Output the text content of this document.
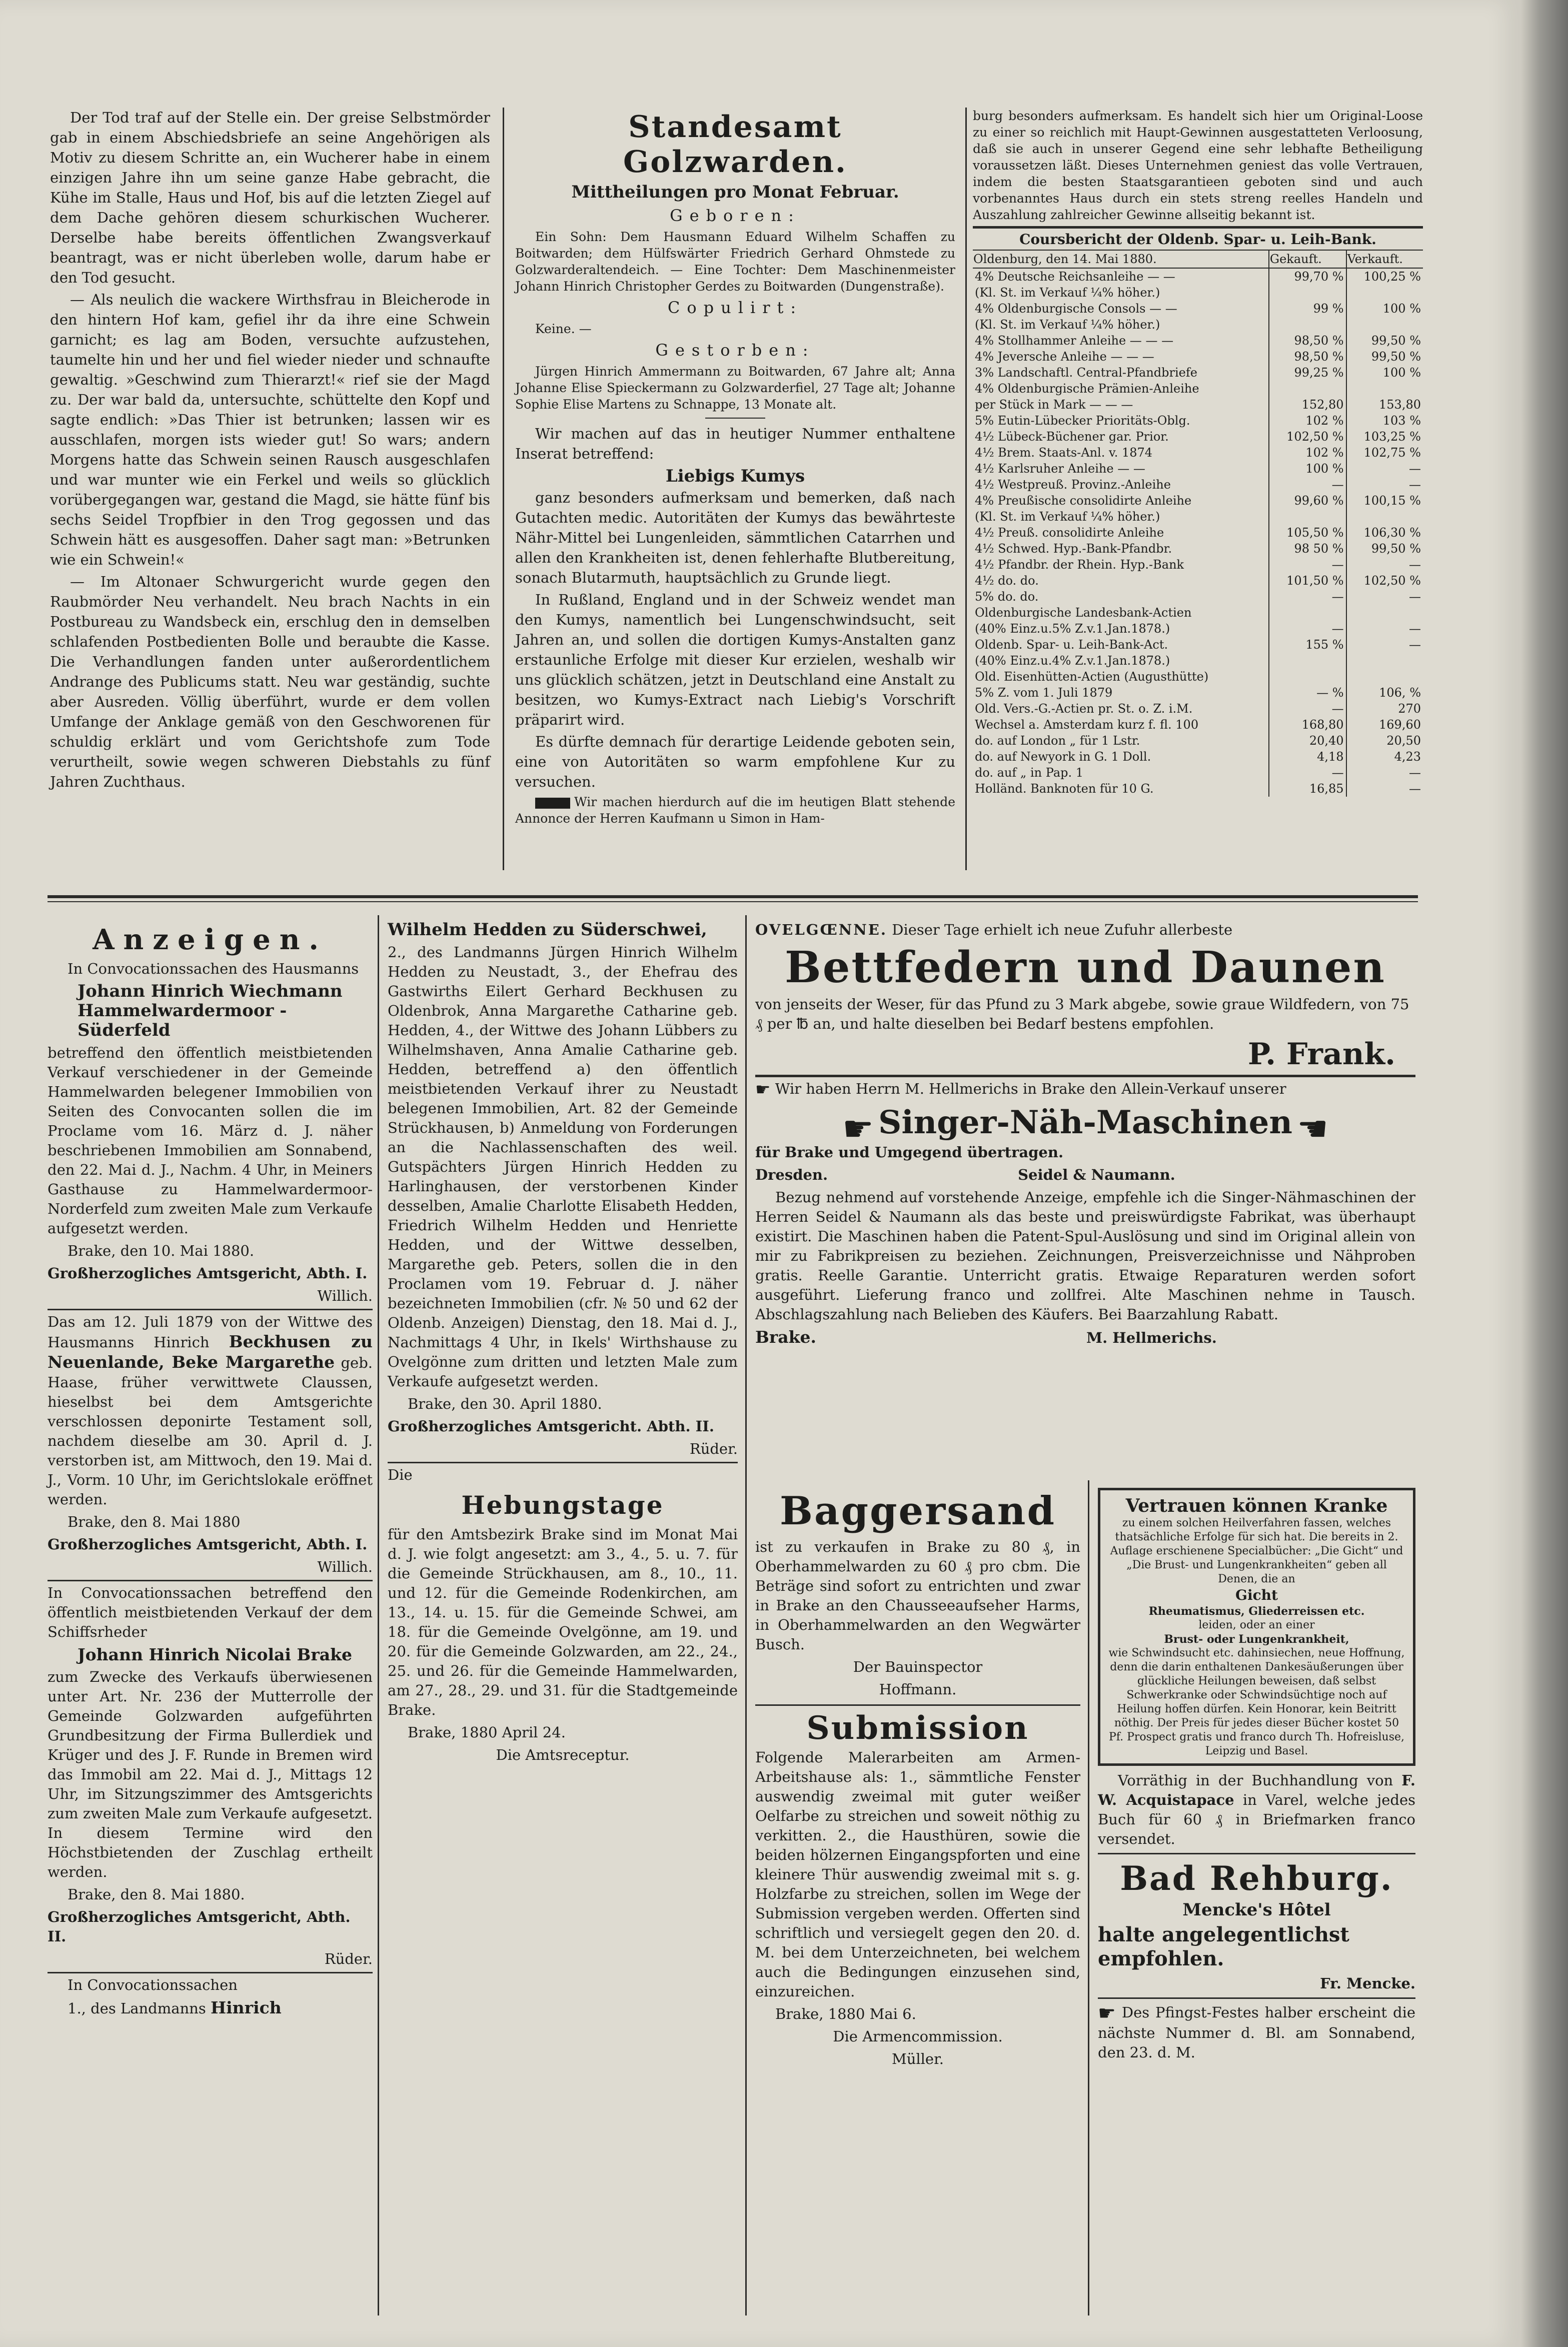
Der Tod traf auf der Stelle ein. Der greise Selbstmörder gab in einem Abschiedsbriefe an seine Angehörigen als Motiv zu diesem Schritte an, ein Wucherer habe in einem einzigen Jahre ihn um seine ganze Habe gebracht, die Kühe im Stalle, Haus und Hof, bis auf die letzten Ziegel auf dem Dache gehören diesem schurkischen Wucherer. Derselbe habe bereits öffentlichen Zwangsverkauf beantragt, was er nicht überleben wolle, darum habe er den Tod gesucht.

— Als neulich die wackere Wirthsfrau in Bleicherode in den hintern Hof kam, gefiel ihr da ihre eine Schwein garnicht; es lag am Boden, versuchte aufzustehen, taumelte hin und her und fiel wieder nieder und schnaufte gewaltig. »Geschwind zum Thierarzt!« rief sie der Magd zu. Der war bald da, untersuchte, schüttelte den Kopf und sagte endlich: »Das Thier ist betrunken; lassen wir es ausschlafen, morgen ists wieder gut! So wars; andern Morgens hatte das Schwein seinen Rausch ausgeschlafen und war munter wie ein Ferkel und weils so glücklich vorübergegangen war, gestand die Magd, sie hätte fünf bis sechs Seidel Tropfbier in den Trog gegossen und das Schwein hätt es ausgesoffen. Daher sagt man: »Betrunken wie ein Schwein!«

— Im Altonaer Schwurgericht wurde gegen den Raubmörder Neu verhandelt. Neu brach Nachts in ein Postbureau zu Wandsbeck ein, erschlug den in demselben schlafenden Postbedienten Bolle und beraubte die Kasse. Die Verhandlungen fanden unter außerordentlichem Andrange des Publicums statt. Neu war geständig, suchte aber Ausreden. Völlig überführt, wurde er dem vollen Umfange der Anklage gemäß von den Geschworenen für schuldig erklärt und vom Gerichtshofe zum Tode verurtheilt, sowie wegen schweren Diebstahls zu fünf Jahren Zuchthaus.

Standesamt Golzwarden.
Mittheilungen pro Monat Februar.
Geboren:

Ein Sohn: Dem Hausmann Eduard Wilhelm Schaffen zu Boitwarden; dem Hülfswärter Friedrich Gerhard Ohmstede zu Golzwarderaltendeich. — Eine Tochter: Dem Maschinenmeister Johann Hinrich Christopher Gerdes zu Boitwarden (Dungenstraße).

Copulirt:

Keine. —

Gestorben:

Jürgen Hinrich Ammermann zu Boitwarden, 67 Jahre alt; Anna Johanne Elise Spieckermann zu Golzwarderfiel, 27 Tage alt; Johanne Sophie Elise Martens zu Schnappe, 13 Monate alt.

Wir machen auf das in heutiger Nummer enthaltene Inserat betreffend:

Liebigs Kumys

ganz besonders aufmerksam und bemerken, daß nach Gutachten medic. Autoritäten der Kumys das bewährteste Nähr-Mittel bei Lungenleiden, sämmtlichen Catarrhen und allen den Krankheiten ist, denen fehlerhafte Blutbereitung, sonach Blutarmuth, hauptsächlich zu Grunde liegt.

In Rußland, England und in der Schweiz wendet man den Kumys, namentlich bei Lungenschwindsucht, seit Jahren an, und sollen die dortigen Kumys-Anstalten ganz erstaunliche Erfolge mit dieser Kur erzielen, weshalb wir uns glücklich schätzen, jetzt in Deutschland eine Anstalt zu besitzen, wo Kumys-Extract nach Liebig's Vorschrift präparirt wird.

Es dürfte demnach für derartige Leidende geboten sein, eine von Autoritäten so warm empfohlene Kur zu versuchen.

Wir machen hierdurch auf die im heutigen Blatt stehende Annonce der Herren Kaufmann u Simon in Ham-

burg besonders aufmerksam. Es handelt sich hier um Original-Loose zu einer so reichlich mit Haupt-Gewinnen ausgestatteten Verloosung, daß sie auch in unserer Gegend eine sehr lebhafte Betheiligung voraussetzen läßt. Dieses Unternehmen geniest das volle Vertrauen, indem die besten Staatsgarantieen geboten sind und auch vorbenanntes Haus durch ein stets streng reelles Handeln und Auszahlung zahlreicher Gewinne allseitig bekannt ist.

Coursbericht der Oldenb. Spar- u. Leih-Bank.
Oldenburg, den 14. Mai 1880.	Gekauft.	Verkauft.
4% Deutsche Reichsanleihe — —	99,70 %	100,25 %
(Kl. St. im Verkauf ¼% höher.)		
4% Oldenburgische Consols — —	99 %	100 %
(Kl. St. im Verkauf ¼% höher.)		
4% Stollhammer Anleihe — — —	98,50 %	99,50 %
4% Jeversche Anleihe — — —	98,50 %	99,50 %
3% Landschaftl. Central-Pfandbriefe	99,25 %	100 %
4% Oldenburgische Prämien-Anleihe		
per Stück in Mark — — —	152,80	153,80
5% Eutin-Lübecker Prioritäts-Oblg.	102 %	103 %
4½ Lübeck-Büchener gar. Prior.	102,50 %	103,25 %
4½ Brem. Staats-Anl. v. 1874	102 %	102,75 %
4½ Karlsruher Anleihe — —	100 %	—
4½ Westpreuß. Provinz.-Anleihe	—	—
4% Preußische consolidirte Anleihe	99,60 %	100,15 %
(Kl. St. im Verkauf ¼% höher.)		
4½ Preuß. consolidirte Anleihe	105,50 %	106,30 %
4½ Schwed. Hyp.-Bank-Pfandbr.	98 50 %	99,50 %
4½ Pfandbr. der Rhein. Hyp.-Bank	—	—
4½ do. do.	101,50 %	102,50 %
5% do. do.	—	—
Oldenburgische Landesbank-Actien		
(40% Einz.u.5% Z.v.1.Jan.1878.)	—	—
Oldenb. Spar- u. Leih-Bank-Act.	155 %	—
(40% Einz.u.4% Z.v.1.Jan.1878.)		
Old. Eisenhütten-Actien (Augusthütte)		
5% Z. vom 1. Juli 1879	— %	106, %
Old. Vers.-G.-Actien pr. St. o. Z. i.M.	—	270
Wechsel a. Amsterdam kurz f. fl. 100	168,80	169,60
do. auf London „ für 1 Lstr.	20,40	20,50
do. auf Newyork in G. 1 Doll.	4,18	4,23
do. auf „ in Pap. 1	—	—
Holländ. Banknoten für 10 G.	16,85	—
Anzeigen.

In Convocationssachen des Hausmanns

Johann Hinrich Wiechmann Hammelwardermoor - Süderfeld

betreffend den öffentlich meistbietenden Verkauf verschiedener in der Gemeinde Hammelwarden belegener Immobilien von Seiten des Convocanten sollen die im Proclame vom 16. März d. J. näher beschriebenen Immobilien am Sonnabend, den 22. Mai d. J., Nachm. 4 Uhr, in Meiners Gasthause zu Hammelwardermoor-Norderfeld zum zweiten Male zum Verkaufe aufgesetzt werden.

Brake, den 10. Mai 1880.

Großherzogliches Amtsgericht, Abth. I.

Willich.

Das am 12. Juli 1879 von der Wittwe des Hausmanns Hinrich Beckhusen zu Neuenlande, Beke Margarethe geb. Haase, früher verwittwete Claussen, hieselbst bei dem Amtsgerichte verschlossen deponirte Testament soll, nachdem dieselbe am 30. April d. J. verstorben ist, am Mittwoch, den 19. Mai d. J., Vorm. 10 Uhr, im Gerichtslokale eröffnet werden.

Brake, den 8. Mai 1880

Großherzogliches Amtsgericht, Abth. I.

Willich.

In Convocationssachen betreffend den öffentlich meistbietenden Verkauf der dem Schiffsrheder

Johann Hinrich Nicolai Brake

zum Zwecke des Verkaufs überwiesenen unter Art. Nr. 236 der Mutterrolle der Gemeinde Golzwarden aufgeführten Grundbesitzung der Firma Bullerdiek und Krüger und des J. F. Runde in Bremen wird das Immobil am 22. Mai d. J., Mittags 12 Uhr, im Sitzungszimmer des Amtsgerichts zum zweiten Male zum Verkaufe aufgesetzt. In diesem Termine wird den Höchstbietenden der Zuschlag ertheilt werden.

Brake, den 8. Mai 1880.

Großherzogliches Amtsgericht, Abth. II.

Rüder.

In Convocationssachen

1., des Landmanns Hinrich

Wilhelm Hedden zu Süderschwei,

2., des Landmanns Jürgen Hinrich Wilhelm Hedden zu Neustadt, 3., der Ehefrau des Gastwirths Eilert Gerhard Beckhusen zu Oldenbrok, Anna Margarethe Catharine geb. Hedden, 4., der Wittwe des Johann Lübbers zu Wilhelmshaven, Anna Amalie Catharine geb. Hedden, betreffend a) den öffentlich meistbietenden Verkauf ihrer zu Neustadt belegenen Immobilien, Art. 82 der Gemeinde Strückhausen, b) Anmeldung von Forderungen an die Nachlassenschaften des weil. Gutspächters Jürgen Hinrich Hedden zu Harlinghausen, der verstorbenen Kinder desselben, Amalie Charlotte Elisabeth Hedden, Friedrich Wilhelm Hedden und Henriette Hedden, und der Wittwe desselben, Margarethe geb. Peters, sollen die in den Proclamen vom 19. Februar d. J. näher bezeichneten Immobilien (cfr. № 50 und 62 der Oldenb. Anzeigen) Dienstag, den 18. Mai d. J., Nachmittags 4 Uhr, in Ikels' Wirthshause zu Ovelgönne zum dritten und letzten Male zum Verkaufe aufgesetzt werden.

Brake, den 30. April 1880.

Großherzogliches Amtsgericht. Abth. II.

Rüder.

Die

Hebungstage

für den Amtsbezirk Brake sind im Monat Mai d. J. wie folgt angesetzt: am 3., 4., 5. u. 7. für die Gemeinde Strückhausen, am 8., 10., 11. und 12. für die Gemeinde Rodenkirchen, am 13., 14. u. 15. für die Gemeinde Schwei, am 18. für die Gemeinde Ovelgönne, am 19. und 20. für die Gemeinde Golzwarden, am 22., 24., 25. und 26. für die Gemeinde Hammelwarden, am 27., 28., 29. und 31. für die Stadtgemeinde Brake.

Brake, 1880 April 24.

Die Amtsreceptur.

OVELGŒNNE. Dieser Tage erhielt ich neue Zufuhr allerbeste

Bettfedern und Daunen

von jenseits der Weser, für das Pfund zu 3 Mark abgebe, sowie graue Wildfedern, von 75 ₰ per ℔ an, und halte dieselben bei Bedarf bestens empfohlen.

P. Frank.

☛ Wir haben Herrn M. Hellmerichs in Brake den Allein-Verkauf unserer

☛ Singer-Näh-Maschinen ☚

für Brake und Umgegend übertragen.

Dresden.	Seidel & Naumann.

Bezug nehmend auf vorstehende Anzeige, empfehle ich die Singer-Nähmaschinen der Herren Seidel & Naumann als das beste und preiswürdigste Fabrikat, was überhaupt existirt. Die Maschinen haben die Patent-Spul-Auslösung und sind im Original allein von mir zu Fabrikpreisen zu beziehen. Zeichnungen, Preisverzeichnisse und Nähproben gratis. Reelle Garantie. Unterricht gratis. Etwaige Reparaturen werden sofort ausgeführt. Lieferung franco und zollfrei. Alte Maschinen nehme in Tausch. Abschlagszahlung nach Belieben des Käufers. Bei Baarzahlung Rabatt.

Brake.	M. Hellmerichs.

Baggersand

ist zu verkaufen in Brake zu 80 ₰, in Oberhammelwarden zu 60 ₰ pro cbm. Die Beträge sind sofort zu entrichten und zwar in Brake an den Chausseeaufseher Harms, in Oberhammelwarden an den Wegwärter Busch.

Der Bauinspector

Hoffmann.

Submission

Folgende Malerarbeiten am Armen-Arbeitshause als: 1., sämmtliche Fenster auswendig zweimal mit guter weißer Oelfarbe zu streichen und soweit nöthig zu verkitten. 2., die Hausthüren, sowie die beiden hölzernen Eingangspforten und eine kleinere Thür auswendig zweimal mit s. g. Holzfarbe zu streichen, sollen im Wege der Submission vergeben werden. Offerten sind schriftlich und versiegelt gegen den 20. d. M. bei dem Unterzeichneten, bei welchem auch die Bedingungen einzusehen sind, einzureichen.

Brake, 1880 Mai 6.

Die Armencommission.

Müller.

Vertrauen können Kranke
zu einem solchen Heilverfahren fassen, welches thatsächliche Erfolge für sich hat. Die bereits in 2. Auflage erschienene Specialbücher: „Die Gicht“ und „Die Brust- und Lungenkrankheiten“ geben all Denen, die an
Gicht
Rheumatismus, Gliederreissen etc.
leiden, oder an einer
Brust- oder Lungenkrankheit,
wie Schwindsucht etc. dahinsiechen, neue Hoffnung, denn die darin enthaltenen Dankesäußerungen über glückliche Heilungen beweisen, daß selbst Schwerkranke oder Schwindsüchtige noch auf Heilung hoffen dürfen. Kein Honorar, kein Beitritt nöthig. Der Preis für jedes dieser Bücher kostet 50 Pf. Prospect gratis und franco durch Th. Hofreisluse, Leipzig und Basel.

Vorräthig in der Buchhandlung von F. W. Acquistapace in Varel, welche jedes Buch für 60 ₰ in Briefmarken franco versendet.

Bad Rehburg.

Mencke's Hôtel

halte angelegentlichst empfohlen.

Fr. Mencke.

☛ Des Pfingst-Festes halber erscheint die nächste Nummer d. Bl. am Sonnabend, den 23. d. M.
